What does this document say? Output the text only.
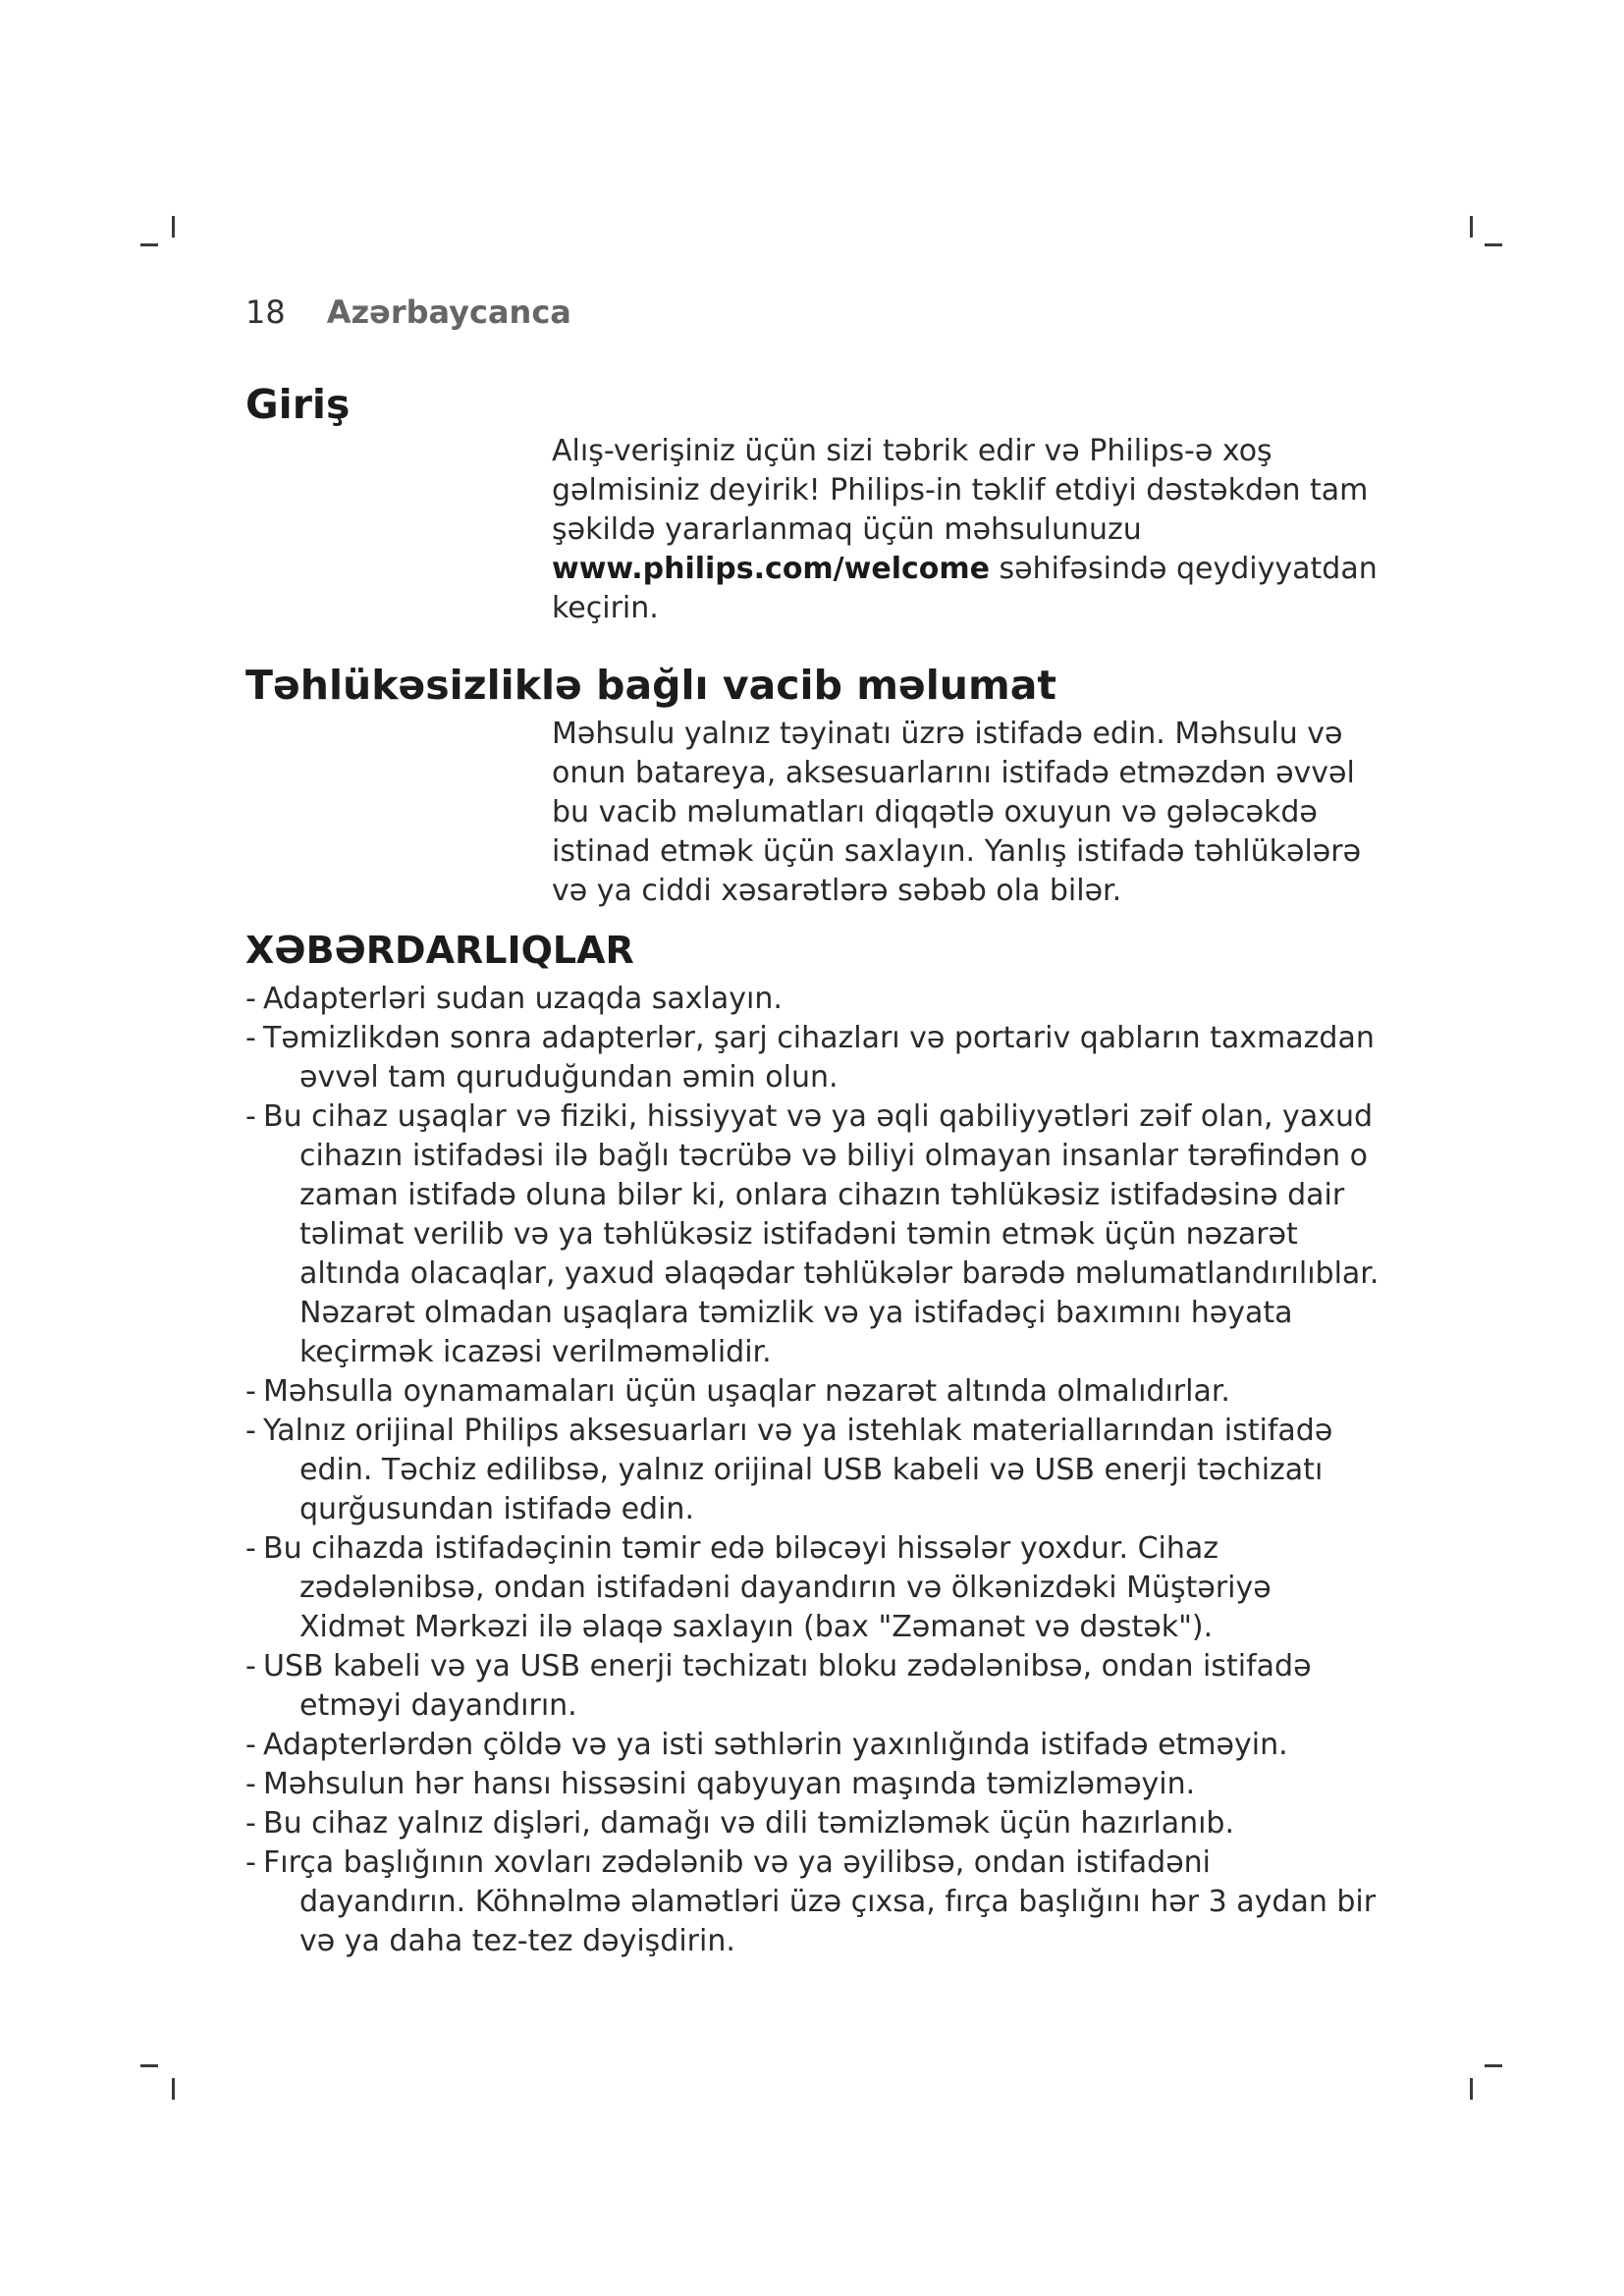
18 Azərbaycanca
Giriş

Alış-verişiniz üçün sizi təbrik edir və Philips-ə xoş gəlmisiniz deyirik! Philips-in təklif etdiyi dəstəkdən tam şəkildə yararlanmaq üçün məhsulunuzu www.philips.com/welcome səhifəsində qeydiyyatdan keçirin.

Təhlükəsizliklə bağlı vacib məlumat

Məhsulu yalnız təyinatı üzrə istifadə edin. Məhsulu və onun batareya, aksesuarlarını istifadə etməzdən əvvəl bu vacib məlumatları diqqətlə oxuyun və gələcəkdə istinad etmək üçün saxlayın. Yanlış istifadə təhlükələrə və ya ciddi xəsarətlərə səbəb ola bilər.

XƏBƏRDARLIQLAR
- Adapterləri sudan uzaqda saxlayın.
- Təmizlikdən sonra adapterlər, şarj cihazları və portariv qabların taxmazdan əvvəl tam quruduğundan əmin olun.
- Bu cihaz uşaqlar və fiziki, hissiyyat və ya əqli qabiliyyətləri zəif olan, yaxud cihazın istifadəsi ilə bağlı təcrübə və biliyi olmayan insanlar tərəfindən o zaman istifadə oluna bilər ki, onlara cihazın təhlükəsiz istifadəsinə dair təlimat verilib və ya təhlükəsiz istifadəni təmin etmək üçün nəzarət altında olacaqlar, yaxud əlaqədar təhlükələr barədə məlumatlandırılıblar. Nəzarət olmadan uşaqlara təmizlik və ya istifadəçi baxımını həyata keçirmək icazəsi verilməməlidir.
- Məhsulla oynamamaları üçün uşaqlar nəzarət altında olmalıdırlar.
- Yalnız orijinal Philips aksesuarları və ya istehlak materiallarından istifadə edin. Təchiz edilibsə, yalnız orijinal USB kabeli və USB enerji təchizatı qurğusundan istifadə edin.
- Bu cihazda istifadəçinin təmir edə biləcəyi hissələr yoxdur. Cihaz zədələnibsə, ondan istifadəni dayandırın və ölkənizdəki Müştəriyə Xidmət Mərkəzi ilə əlaqə saxlayın (bax "Zəmanət və dəstək").
- USB kabeli və ya USB enerji təchizatı bloku zədələnibsə, ondan istifadə etməyi dayandırın.
- Adapterlərdən çöldə və ya isti səthlərin yaxınlığında istifadə etməyin.
- Məhsulun hər hansı hissəsini qabyuyan maşında təmizləməyin.
- Bu cihaz yalnız dişləri, damağı və dili təmizləmək üçün hazırlanıb.
- Fırça başlığının xovları zədələnib və ya əyilibsə, ondan istifadəni dayandırın. Köhnəlmə əlamətləri üzə çıxsa, fırça başlığını hər 3 aydan bir və ya daha tez-tez dəyişdirin.
